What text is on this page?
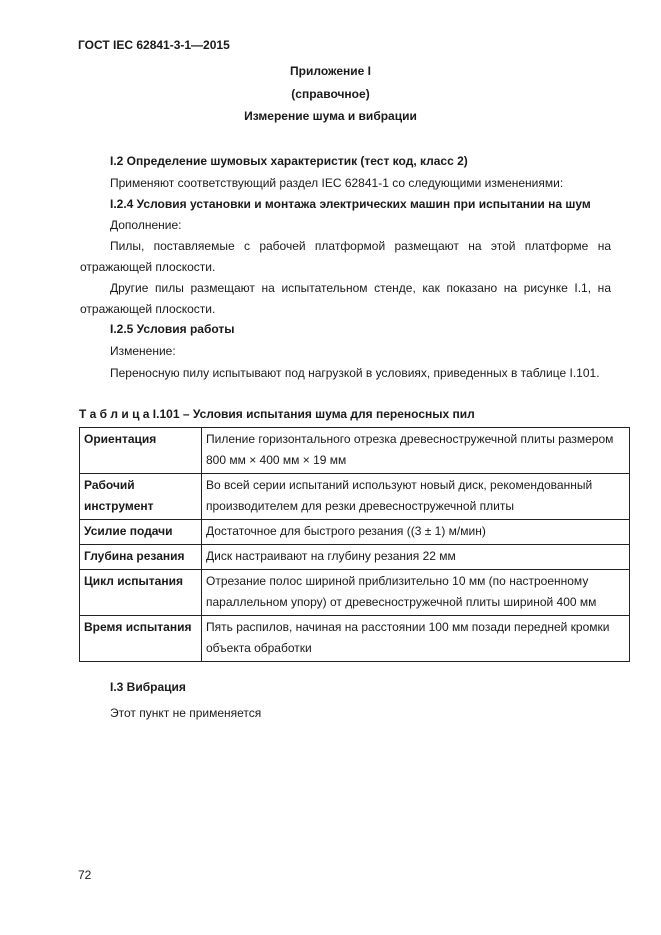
ГОСТ IEC 62841-3-1—2015
Приложение I
(справочное)
Измерение шума и вибрации
I.2 Определение шумовых характеристик (тест код, класс 2)
Применяют соответствующий раздел IEC 62841-1 со следующими изменениями:
I.2.4 Условия установки и монтажа электрических машин при испытании на шум
Дополнение:
Пилы, поставляемые с рабочей платформой размещают на этой платформе на отражающей плоскости.
Другие пилы размещают на испытательном стенде, как показано на рисунке I.1, на отражающей плоскости.
I.2.5 Условия работы
Изменение:
Переносную пилу испытывают под нагрузкой в условиях, приведенных в таблице I.101.
Т а б л и ц а I.101 – Условия испытания шума для переносных пил
Ориентация	Пиление горизонтального отрезка древесностружечной плиты размером 800 мм × 400 мм × 19 мм
Рабочий инструмент	Во всей серии испытаний используют новый диск, рекомендованный производителем для резки древесностружечной плиты
Усилие подачи	Достаточное для быстрого резания ((3 ± 1) м/мин)
Глубина резания	Диск настраивают на глубину резания 22 мм
Цикл испытания	Отрезание полос шириной приблизительно 10 мм (по настроенному параллельном упору) от древесностружечной плиты шириной 400 мм
Время испытания	Пять распилов, начиная на расстоянии 100 мм позади передней кромки объекта обработки
I.3 Вибрация
Этот пункт не применяется
72
